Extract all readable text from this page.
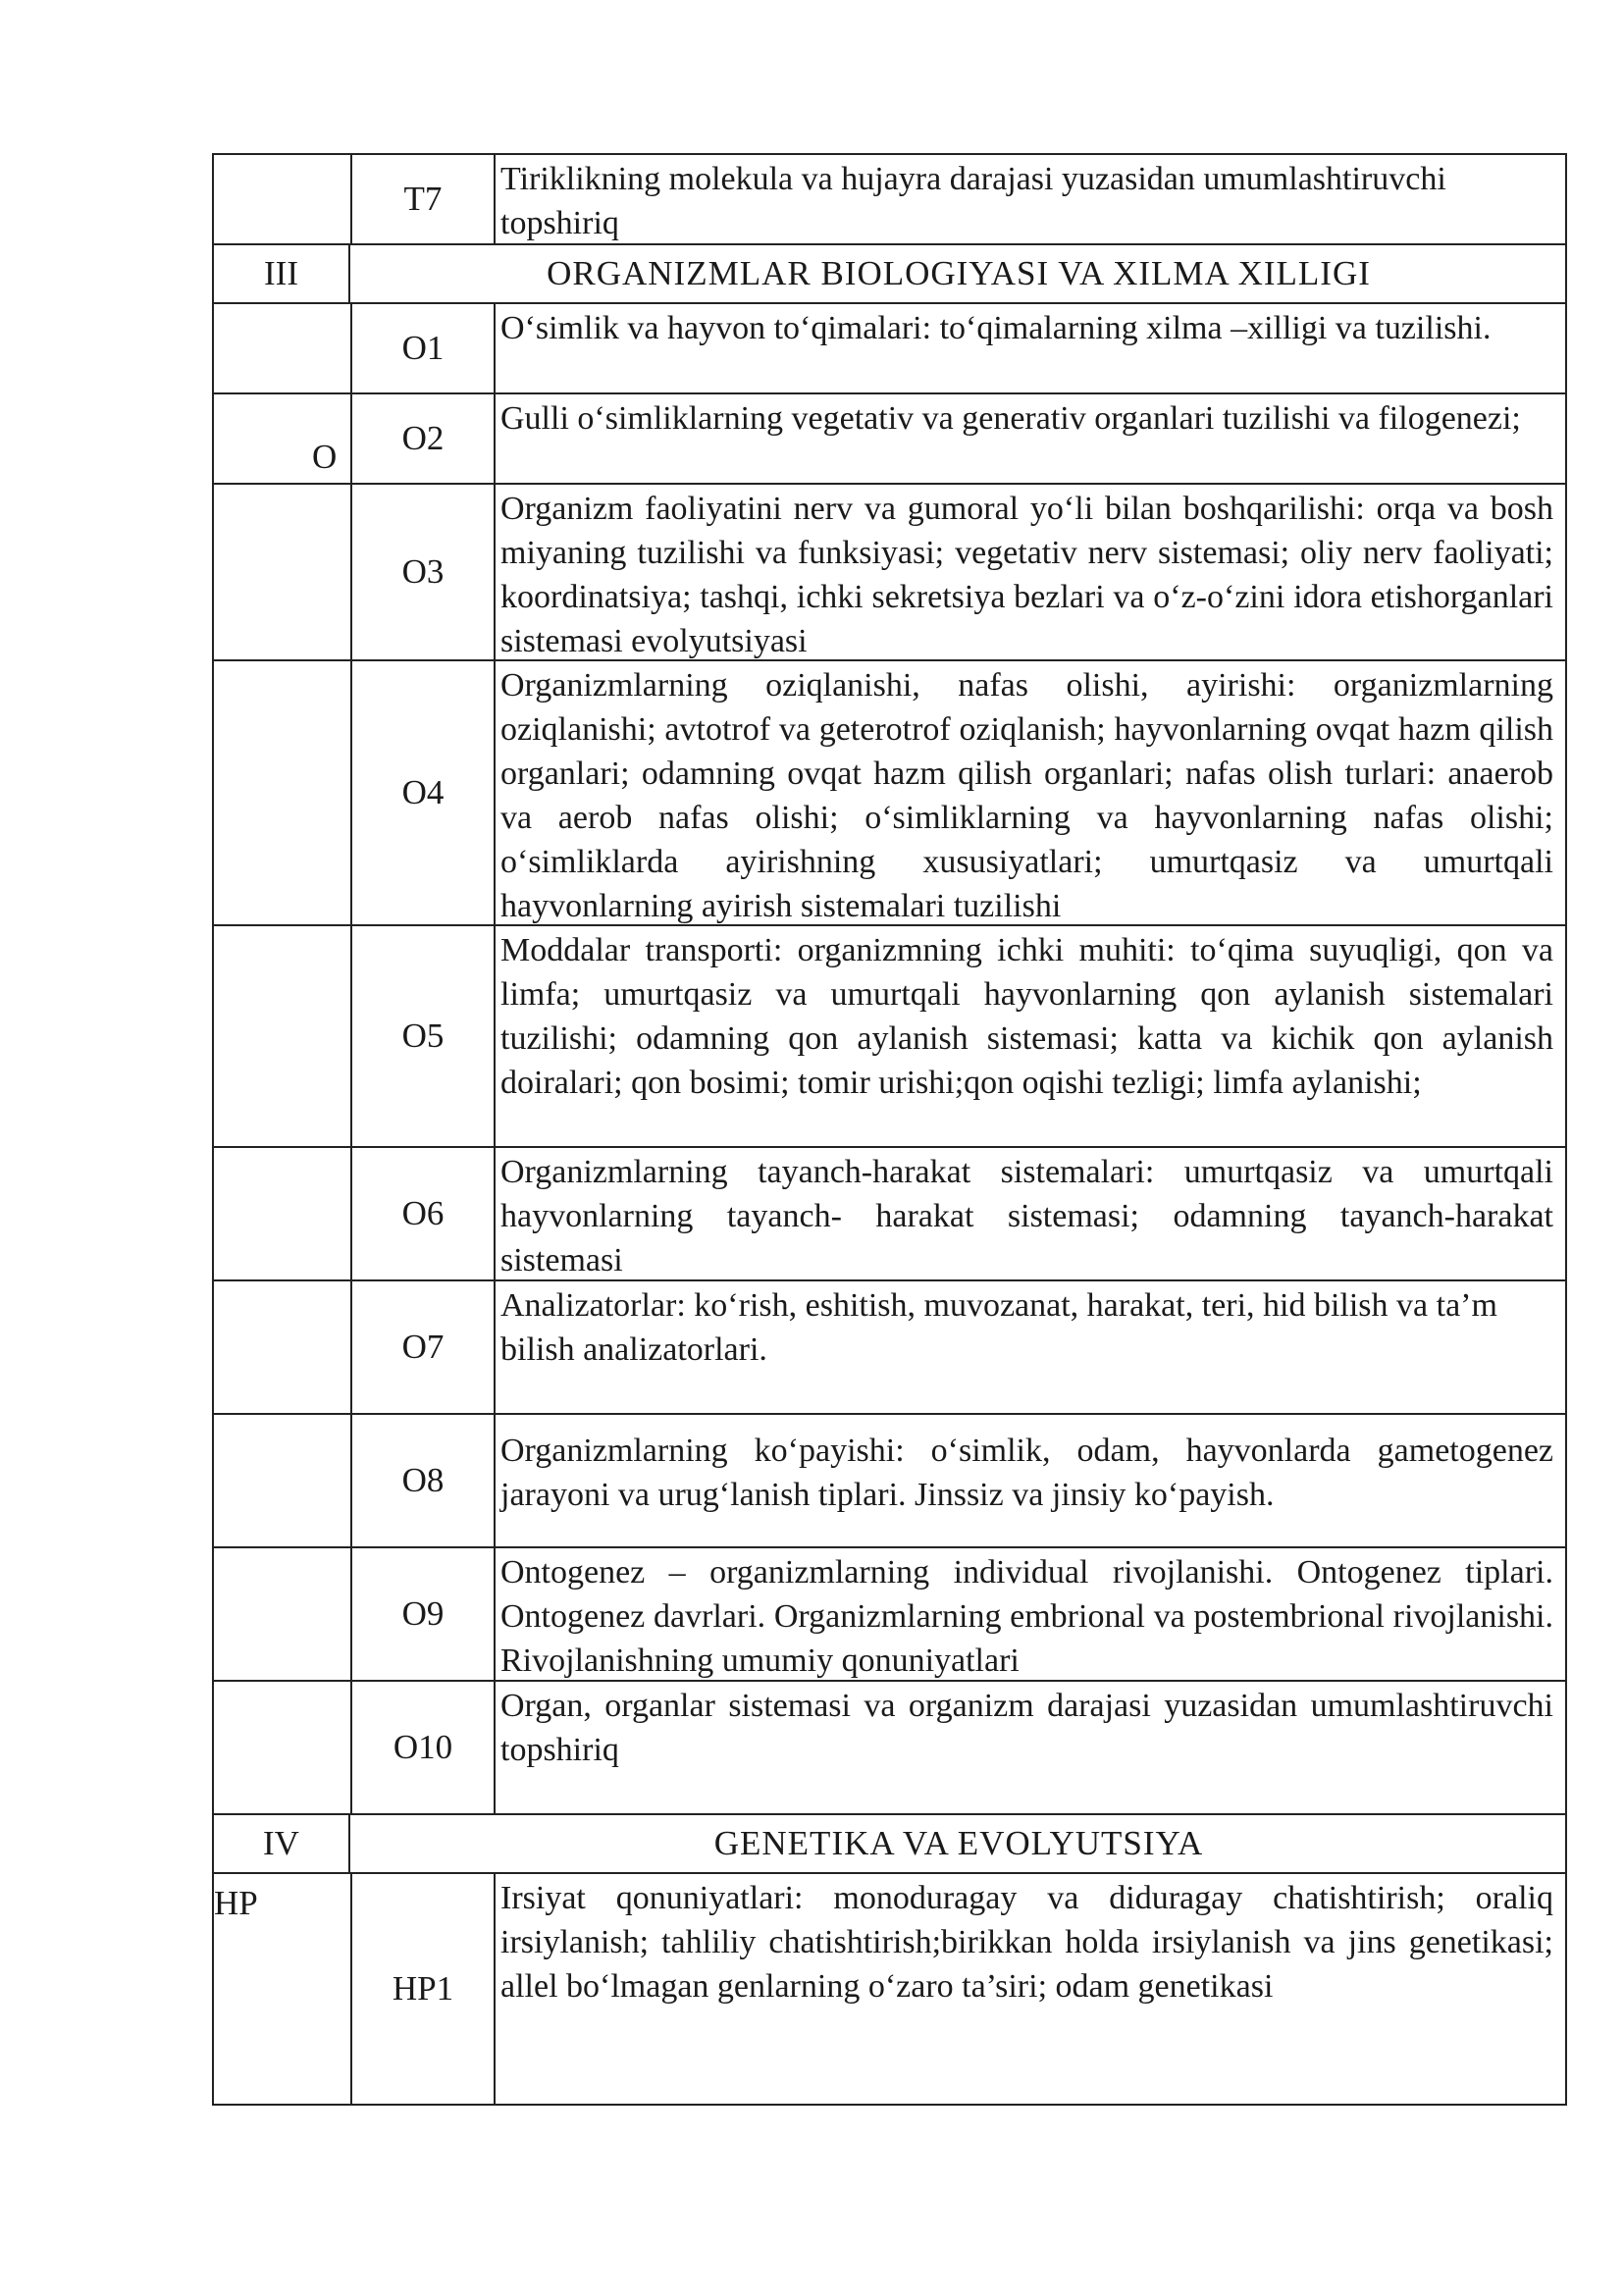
T7
Tiriklikning molekula va hujayra darajasi yuzasidan umumlashtiruvchi topshiriq
III	ORGANIZMLAR BIOLOGIYASI VA XILMA XILLIGI
O
O1
O‘simlik va hayvon to‘qimalari: to‘qimalarning xilma –xilligi va tuzilishi.
O2
Gulli o‘simliklarning vegetativ va generativ organlari tuzilishi va filogenezi;
O3
Organizm faoliyatini nerv va gumoral yo‘li bilan boshqarilishi: orqa va bosh miyaning tuzilishi va funksiyasi; vegetativ nerv sistemasi; oliy nerv faoliyati; koordinatsiya; tashqi, ichki sekretsiya bezlari va o‘z-o‘zini idora etishorganlari sistemasi evolyutsiyasi
O4
Organizmlarning oziqlanishi, nafas olishi, ayirishi: organizmlarning oziqlanishi; avtotrof va geterotrof oziqlanish; hayvonlarning ovqat hazm qilish organlari; odamning ovqat hazm qilish organlari; nafas olish turlari: anaerob va aerob nafas olishi; o‘simliklarning va hayvonlarning nafas olishi; o‘simliklarda ayirishning xususiyatlari; umurtqasiz va umurtqali hayvonlarning ayirish sistemalari tuzilishi
O5
Moddalar transporti: organizmning ichki muhiti: to‘qima suyuqligi, qon va limfa; umurtqasiz va umurtqali hayvonlarning qon aylanish sistemalari tuzilishi; odamning qon aylanish sistemasi; katta va kichik qon aylanish doiralari; qon bosimi; tomir urishi;qon oqishi tezligi; limfa aylanishi;
O6
Organizmlarning tayanch-harakat sistemalari: umurtqasiz va umurtqali hayvonlarning tayanch- harakat sistemasi; odamning tayanch-harakat sistemasi
O7
Analizatorlar: ko‘rish, eshitish, muvozanat, harakat, teri, hid bilish va ta’m bilish analizatorlari.
O8
Organizmlarning ko‘payishi: o‘simlik, odam, hayvonlarda gametogenez jarayoni va urug‘lanish tiplari. Jinssiz va jinsiy ko‘payish.
O9
Ontogenez – organizmlarning individual rivojlanishi. Ontogenez tiplari. Ontogenez davrlari. Organizmlarning embrional va postembrional rivojlanishi. Rivojlanishning umumiy qonuniyatlari
O10
Organ, organlar sistemasi va organizm darajasi yuzasidan umumlashtiruvchi topshiriq
IV	GENETIKA VA EVOLYUTSIYA
HP
HP1
Irsiyat qonuniyatlari: monoduragay va diduragay chatishtirish; oraliq irsiylanish; tahliliy chatishtirish;birikkan holda irsiylanish va jins genetikasi; allel bo‘lmagan genlarning o‘zaro ta’siri; odam genetikasi
